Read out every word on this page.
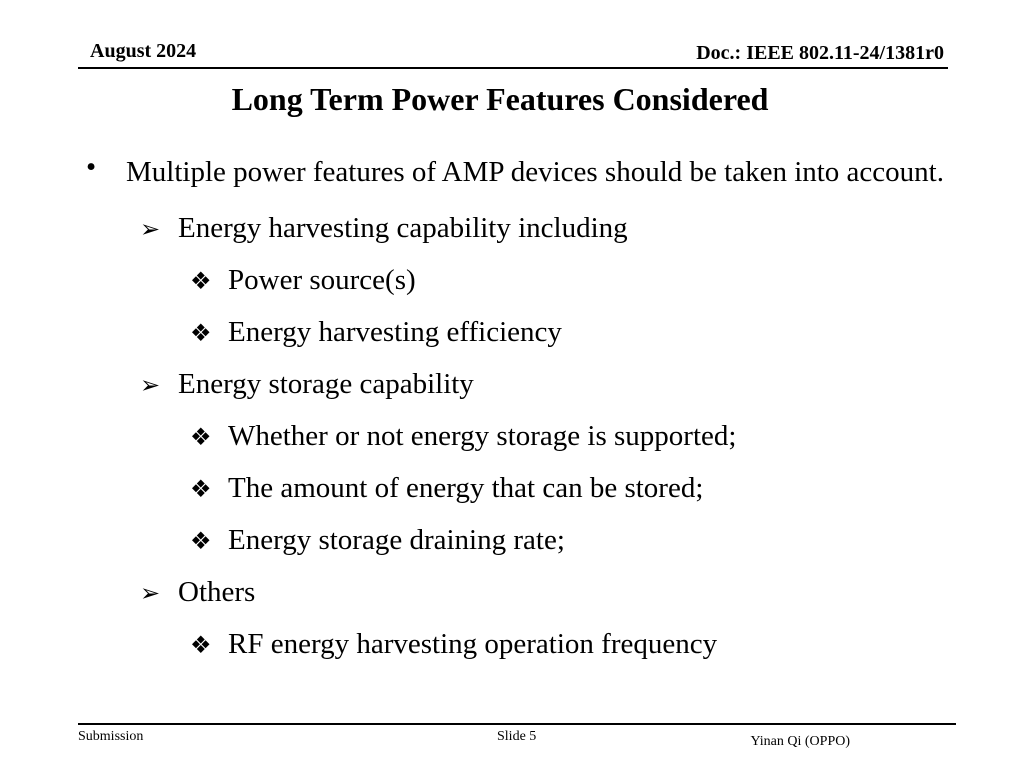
August 2024	Doc.: IEEE 802.11-24/1381r0
Long Term Power Features Considered
•	Multiple power features of AMP devices should be taken into account.
➢ Energy harvesting capability including
❖ Power source(s)
❖ Energy harvesting efficiency
➢ Energy storage capability
❖ Whether or not energy storage is supported;
❖ The amount of energy that can be stored;
❖ Energy storage draining rate;
➢ Others
❖ RF energy harvesting operation frequency
Submission	Slide 5	Yinan Qi (OPPO)
